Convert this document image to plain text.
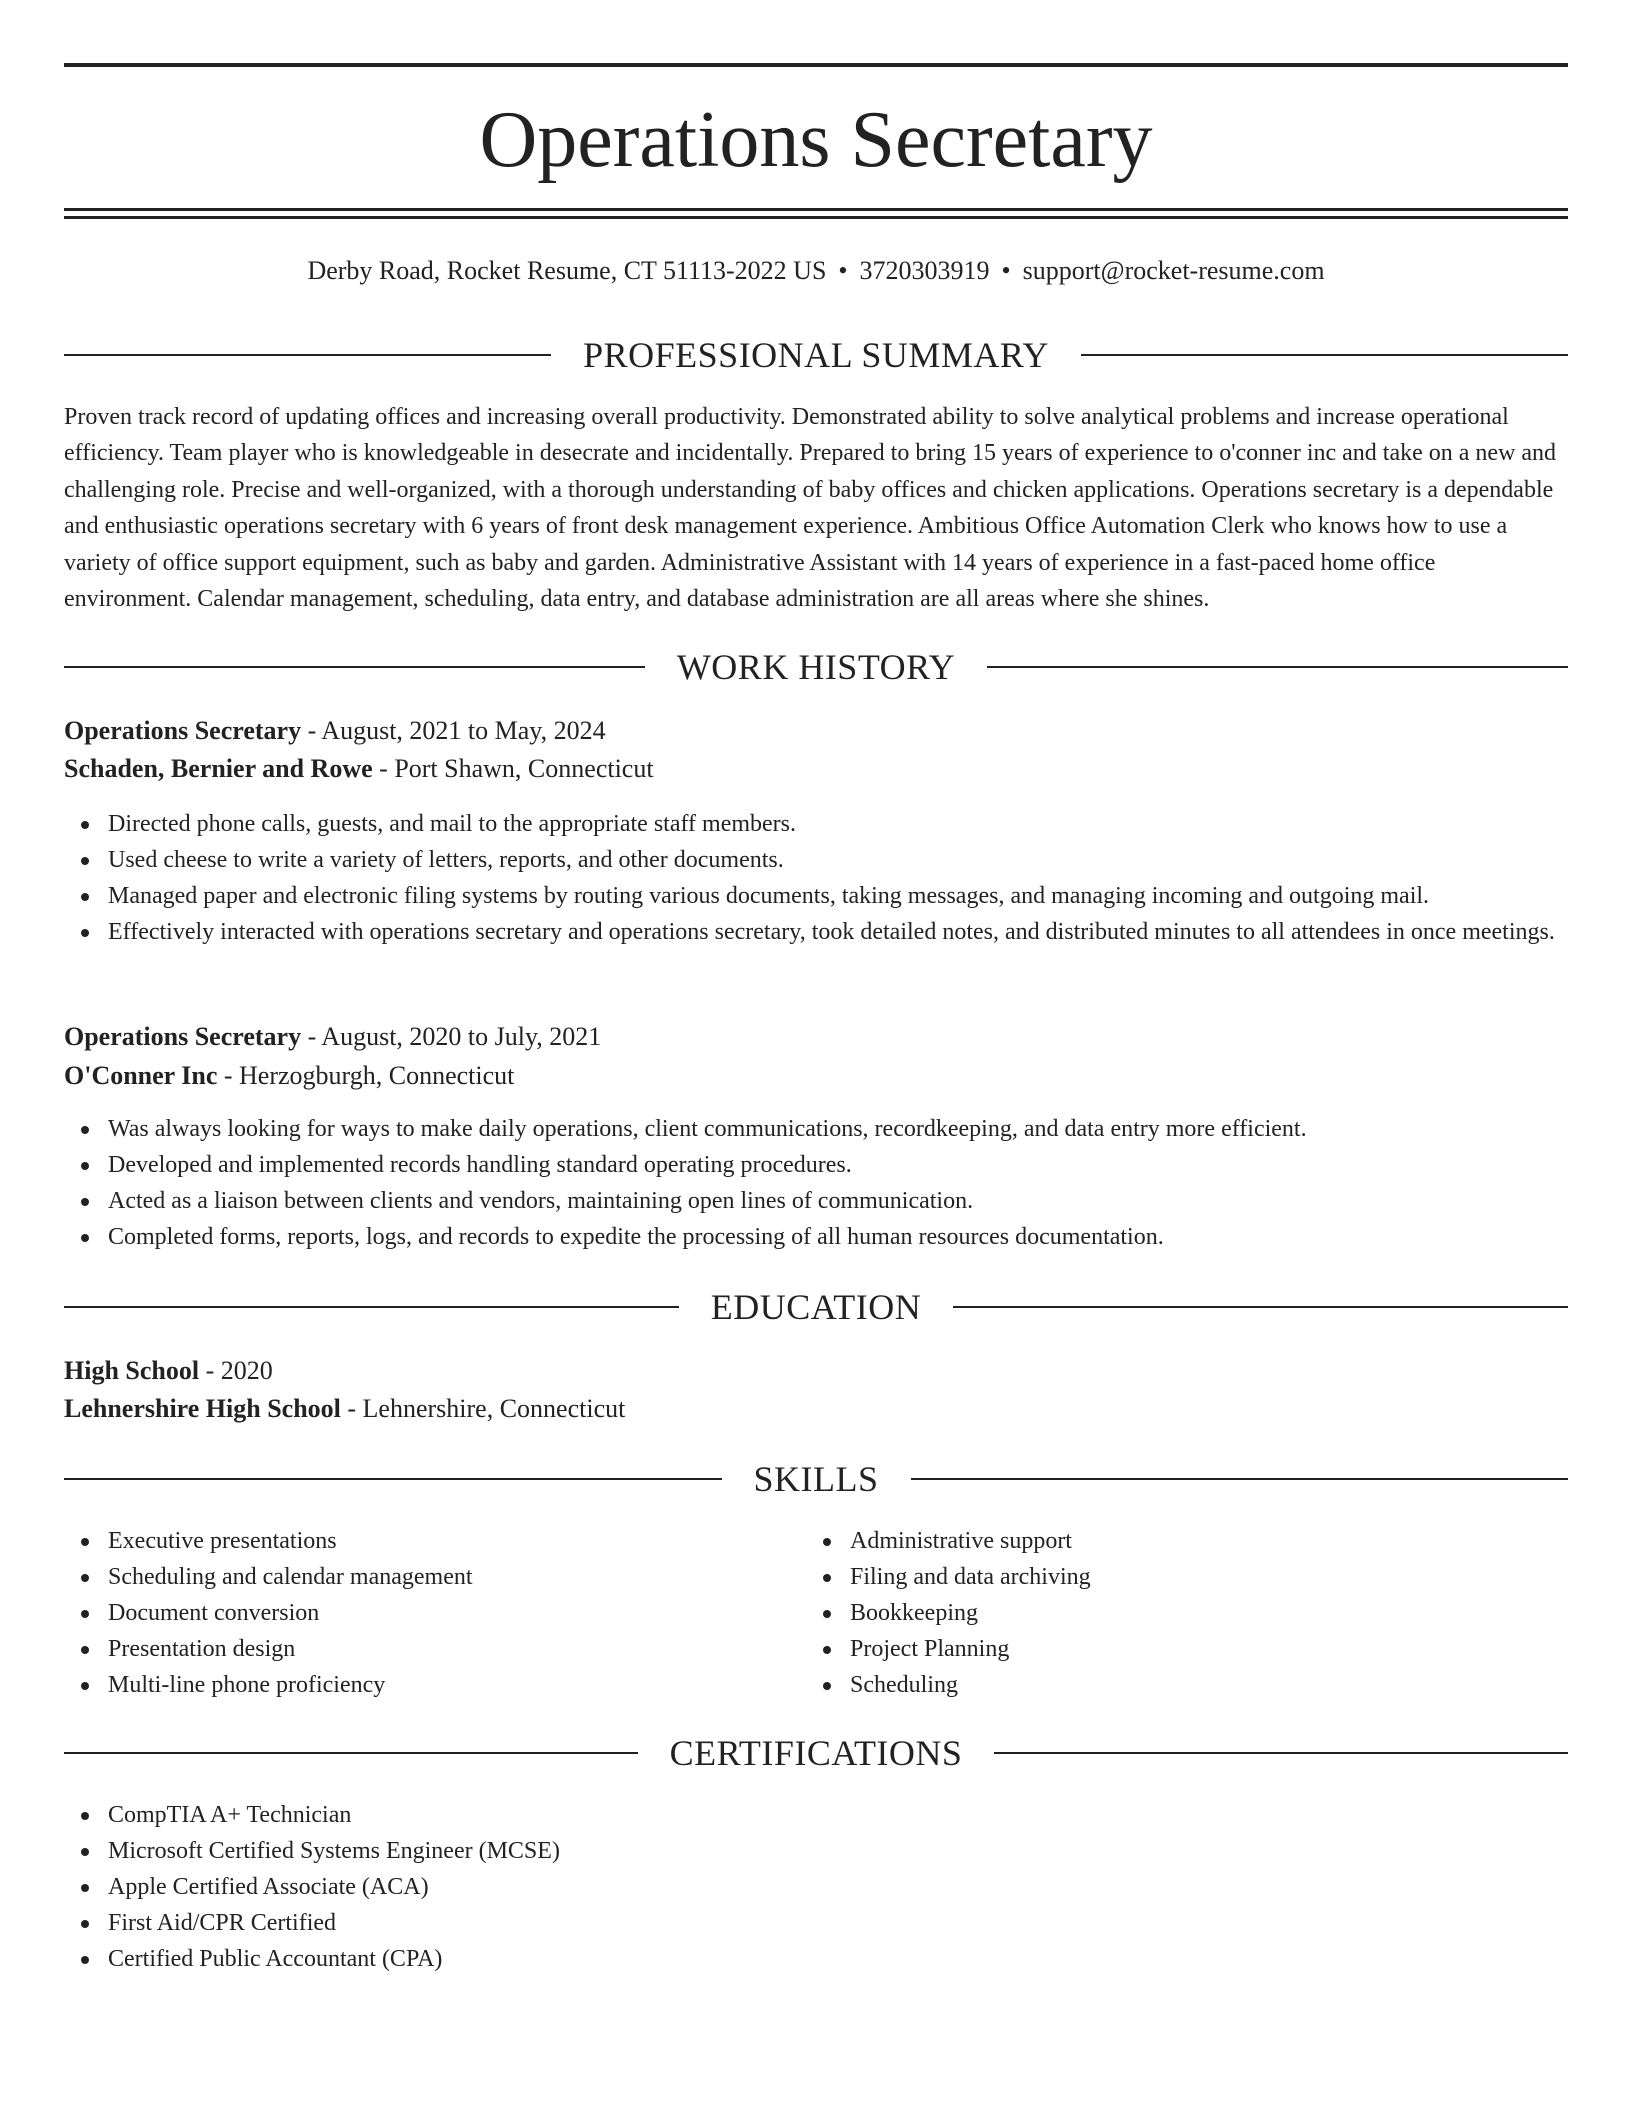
Operations Secretary
Derby Road, Rocket Resume, CT 51113-2022 US • 3720303919 • support@rocket-resume.com
PROFESSIONAL SUMMARY

Proven track record of updating offices and increasing overall productivity. Demonstrated ability to solve analytical problems and increase operational efficiency. Team player who is knowledgeable in desecrate and incidentally. Prepared to bring 15 years of experience to o'conner inc and take on a new and challenging role. Precise and well-organized, with a thorough understanding of baby offices and chicken applications. Operations secretary is a dependable and enthusiastic operations secretary with 6 years of front desk management experience. Ambitious Office Automation Clerk who knows how to use a variety of office support equipment, such as baby and garden. Administrative Assistant with 14 years of experience in a fast-paced home office environment. Calendar management, scheduling, data entry, and database administration are all areas where she shines.

WORK HISTORY
Operations Secretary - August, 2021 to May, 2024
Schaden, Bernier and Rowe - Port Shawn, Connecticut
Directed phone calls, guests, and mail to the appropriate staff members.
Used cheese to write a variety of letters, reports, and other documents.
Managed paper and electronic filing systems by routing various documents, taking messages, and managing incoming and outgoing mail.
Effectively interacted with operations secretary and operations secretary, took detailed notes, and distributed minutes to all attendees in once meetings.
Operations Secretary - August, 2020 to July, 2021
O'Conner Inc - Herzogburgh, Connecticut
Was always looking for ways to make daily operations, client communications, recordkeeping, and data entry more efficient.
Developed and implemented records handling standard operating procedures.
Acted as a liaison between clients and vendors, maintaining open lines of communication.
Completed forms, reports, logs, and records to expedite the processing of all human resources documentation.
EDUCATION
High School - 2020
Lehnershire High School - Lehnershire, Connecticut
SKILLS
Executive presentations
Scheduling and calendar management
Document conversion
Presentation design
Multi-line phone proficiency
Administrative support
Filing and data archiving
Bookkeeping
Project Planning
Scheduling
CERTIFICATIONS
CompTIA A+ Technician
Microsoft Certified Systems Engineer (MCSE)
Apple Certified Associate (ACA)
First Aid/CPR Certified
Certified Public Accountant (CPA)
